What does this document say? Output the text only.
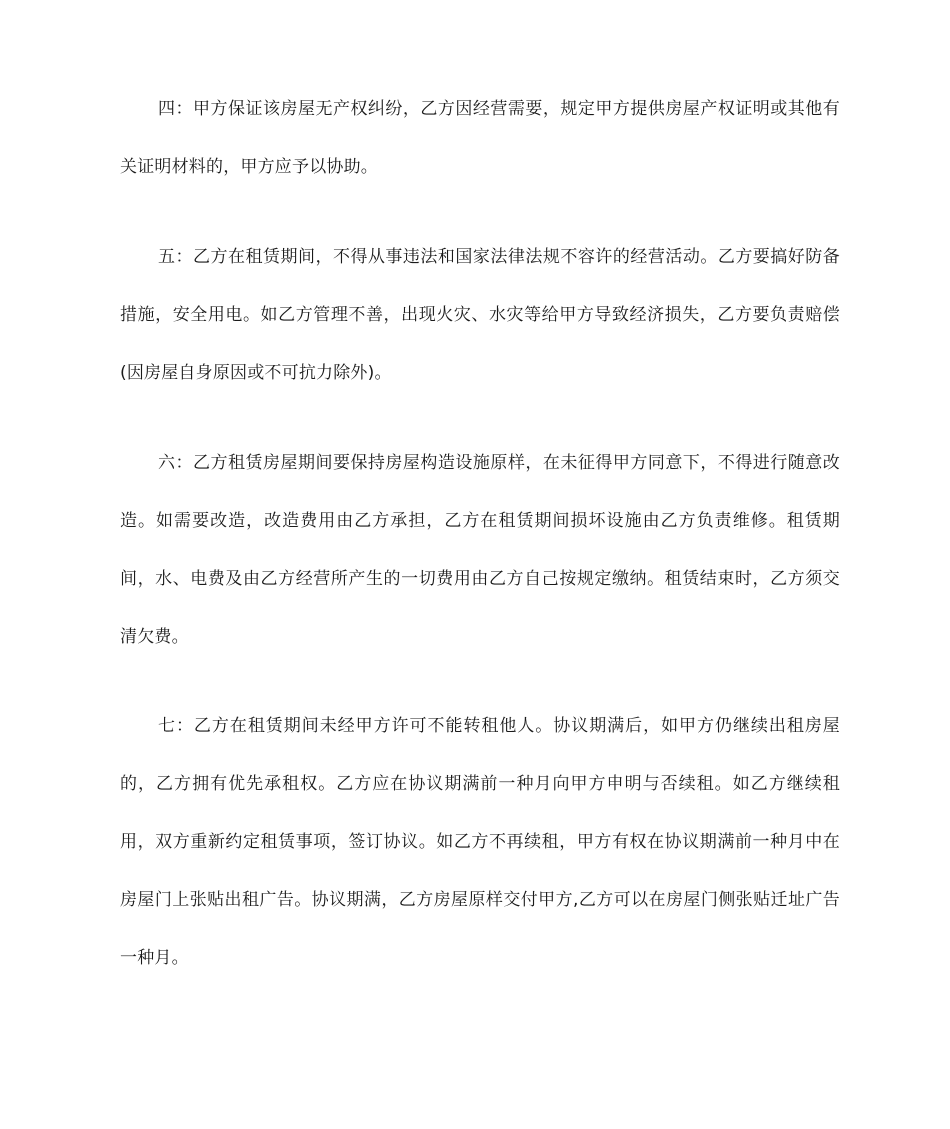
四：甲方保证该房屋无产权纠纷，乙方因经营需要，规定甲方提供房屋产权证明或其他有关证明材料的，甲方应予以协助。

五：乙方在租赁期间，不得从事违法和国家法律法规不容许的经营活动。乙方要搞好防备措施，安全用电。如乙方管理不善，出现火灾、水灾等给甲方导致经济损失，乙方要负责赔偿(因房屋自身原因或不可抗力除外)。

六：乙方租赁房屋期间要保持房屋构造设施原样，在未征得甲方同意下，不得进行随意改造。如需要改造，改造费用由乙方承担，乙方在租赁期间损坏设施由乙方负责维修。租赁期间，水、电费及由乙方经营所产生的一切费用由乙方自己按规定缴纳。租赁结束时，乙方须交清欠费。

七：乙方在租赁期间未经甲方许可不能转租他人。协议期满后，如甲方仍继续出租房屋的，乙方拥有优先承租权。乙方应在协议期满前一种月向甲方申明与否续租。如乙方继续租用，双方重新约定租赁事项，签订协议。如乙方不再续租，甲方有权在协议期满前一种月中在房屋门上张贴出租广告。协议期满，乙方房屋原样交付甲方,乙方可以在房屋门侧张贴迁址广告一种月。
